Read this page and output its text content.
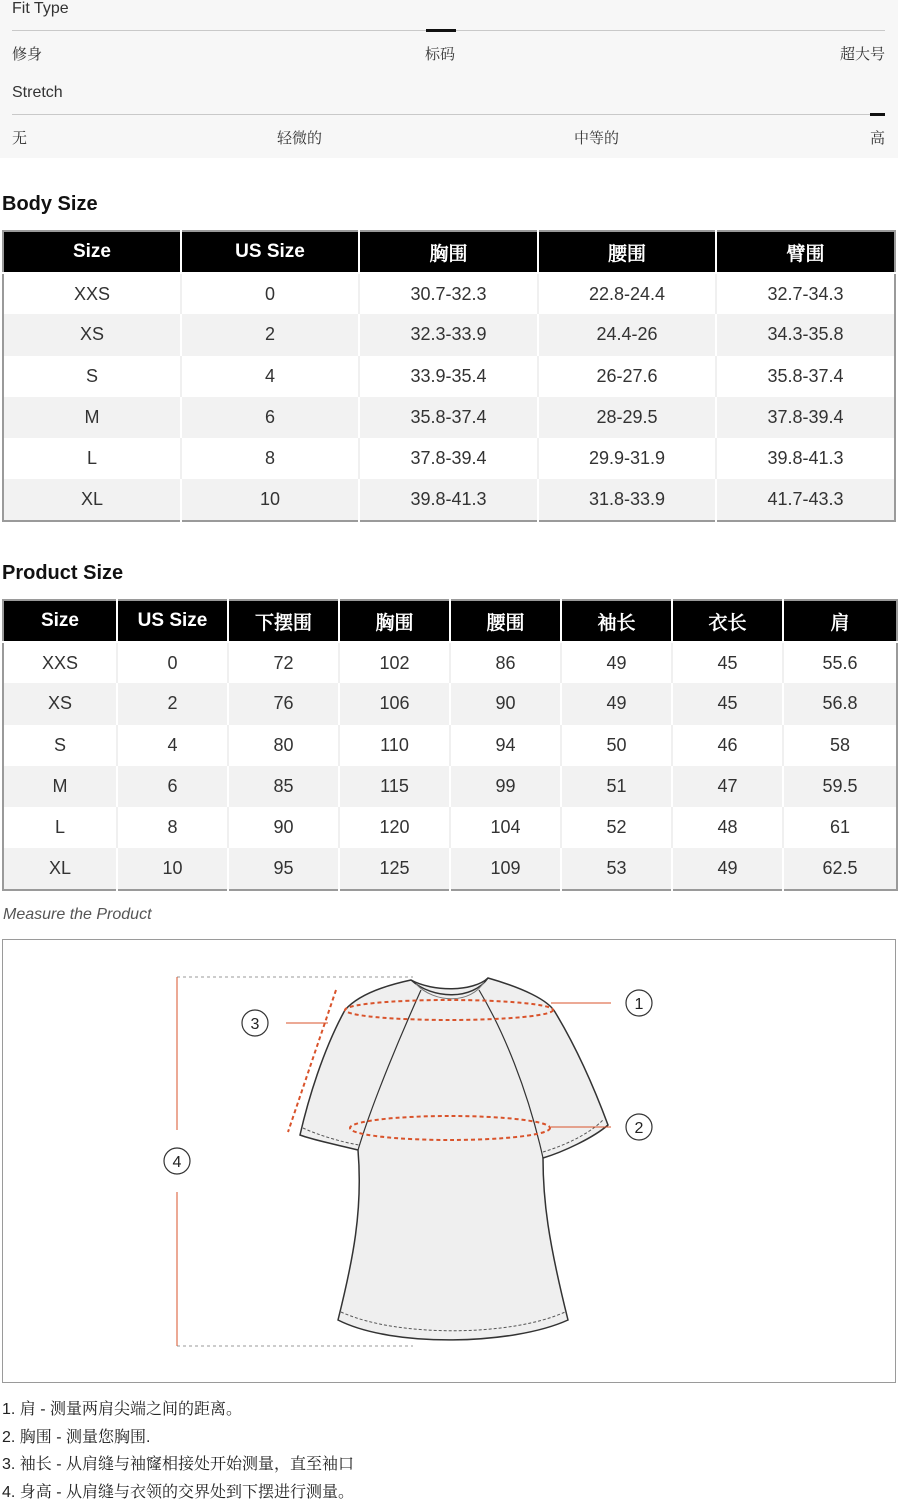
Fit Type
修身	标码	超大号
Stretch
无	轻微的	中等的	高
Body Size
Size	US Size	胸围	腰围	臂围
XXS	0	30.7-32.3	22.8-24.4	32.7-34.3
XS	2	32.3-33.9	24.4-26	34.3-35.8
S	4	33.9-35.4	26-27.6	35.8-37.4
M	6	35.8-37.4	28-29.5	37.8-39.4
L	8	37.8-39.4	29.9-31.9	39.8-41.3
XL	10	39.8-41.3	31.8-33.9	41.7-43.3
Product Size
Size	US Size	下摆围	胸围	腰围	袖长	衣长	肩
XXS	0	72	102	86	49	45	55.6
XS	2	76	106	90	49	45	56.8
S	4	80	110	94	50	46	58
M	6	85	115	99	51	47	59.5
L	8	90	120	104	52	48	61
XL	10	95	125	109	53	49	62.5
Measure the Product
1
2
3
4
1. 肩 - 测量两肩尖端之间的距离。
2. 胸围 - 测量您胸围.
3. 袖长 - 从肩缝与袖窿相接处开始测量，直至袖口
4. 身高 - 从肩缝与衣领的交界处到下摆进行测量。
